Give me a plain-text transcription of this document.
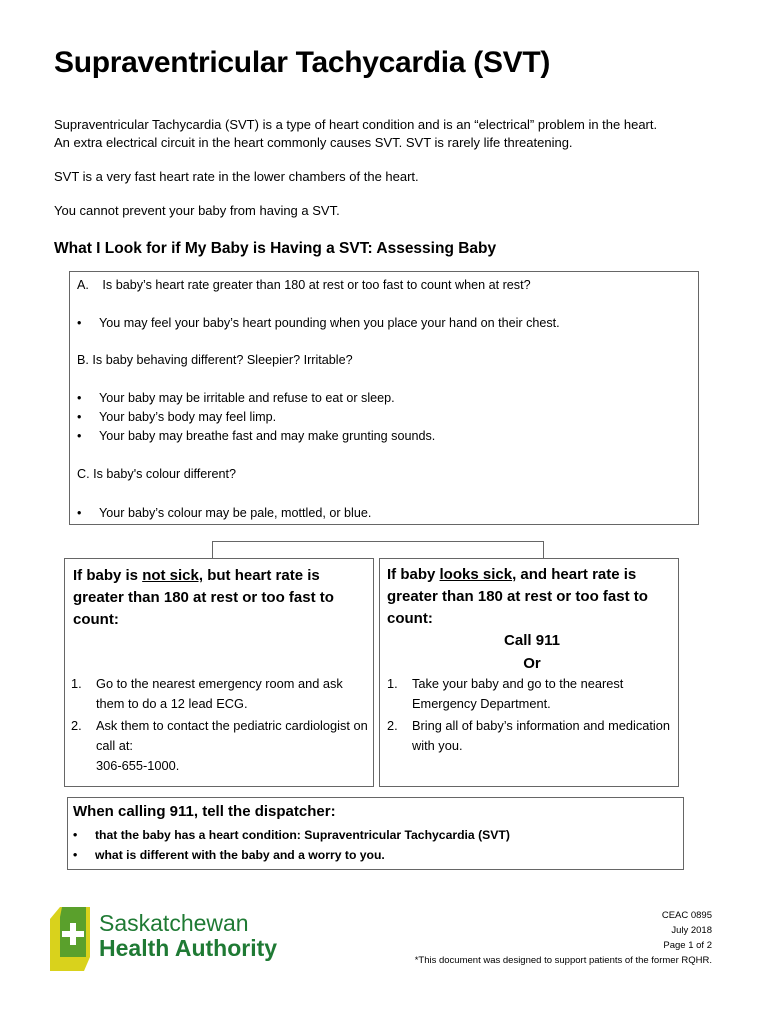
Supraventricular Tachycardia (SVT)

Supraventricular Tachycardia (SVT) is a type of heart condition and is an “electrical” problem in the heart.
An extra electrical circuit in the heart commonly causes SVT. SVT is rarely life threatening.

SVT is a very fast heart rate in the lower chambers of the heart.

You cannot prevent your baby from having a SVT.

What I Look for if My Baby is Having a SVT: Assessing Baby
A. Is baby’s heart rate greater than 180 at rest or too fast to count when at rest?
• You may feel your baby’s heart pounding when you place your hand on their chest.
B. Is baby behaving different? Sleepier? Irritable?
• Your baby may be irritable and refuse to eat or sleep.
• Your baby’s body may feel limp.
• Your baby may breathe fast and may make grunting sounds.
C. Is baby's colour different?
• Your baby’s colour may be pale, mottled, or blue.
If baby is not sick, but heart rate is greater than 180 at rest or too fast to count:
1. Go to the nearest emergency room and ask them to do a 12 lead ECG.
2. Ask them to contact the pediatric cardiologist on call at:
306-655-1000.
If baby looks sick, and heart rate is greater than 180 at rest or too fast to count:
Call 911
Or
1. Take your baby and go to the nearest Emergency Department.
2. Bring all of baby’s information and medication with you.
When calling 911, tell the dispatcher:
• that the baby has a heart condition: Supraventricular Tachycardia (SVT)
• what is different with the baby and a worry to you.
Saskatchewan
Health Authority
CEAC 0895
July 2018
Page 1 of 2
*This document was designed to support patients of the former RQHR.
